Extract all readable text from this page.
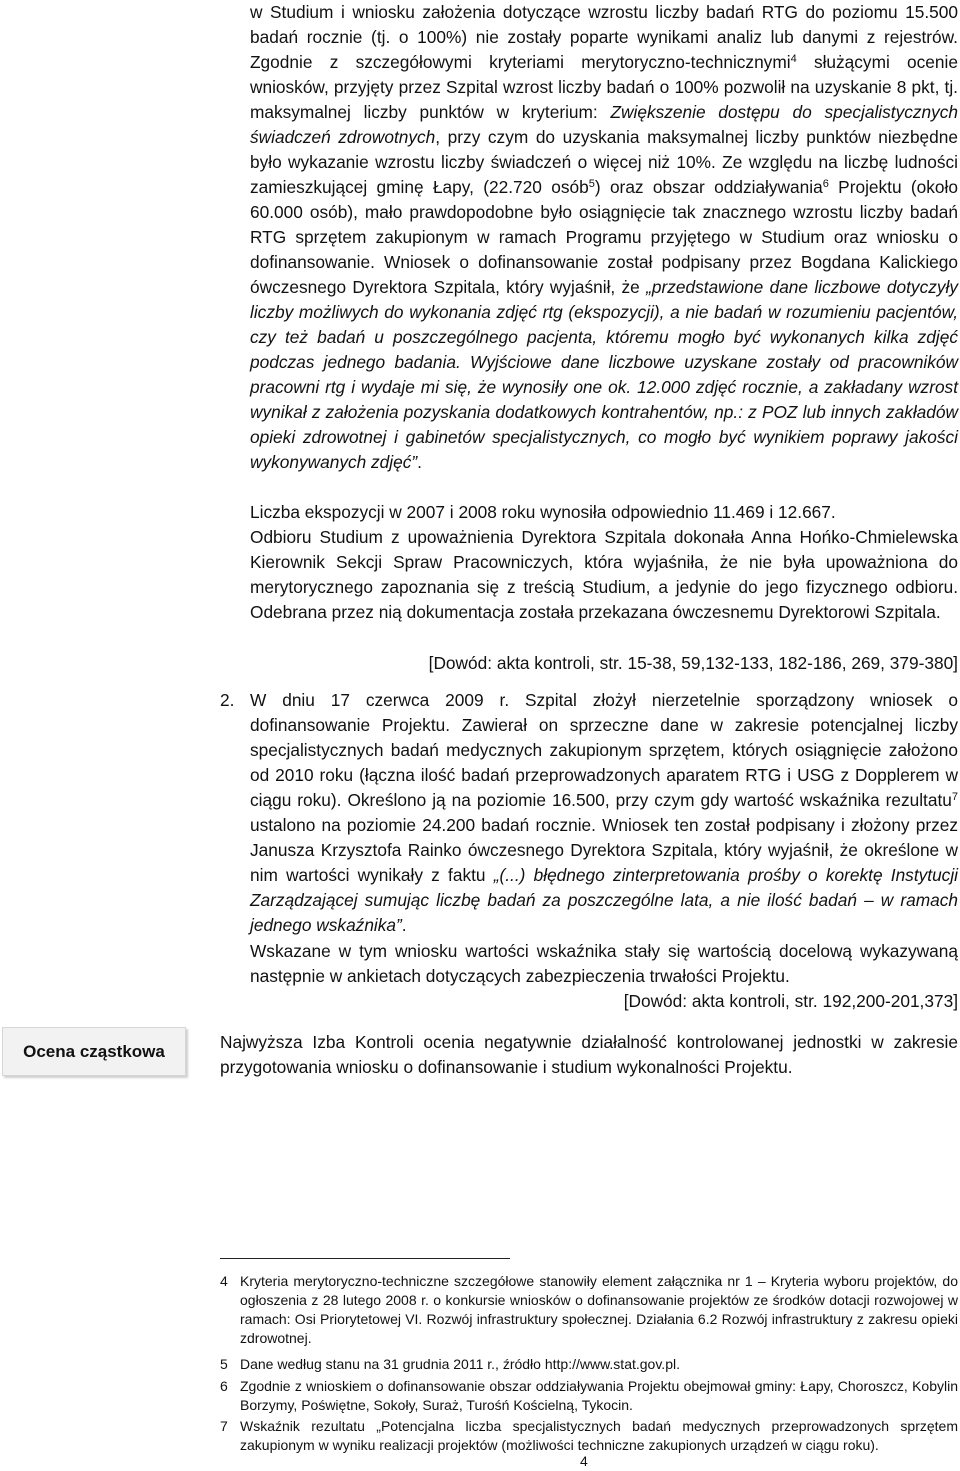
w Studium i wniosku założenia dotyczące wzrostu liczby badań RTG do poziomu 15.500 badań rocznie (tj. o 100%) nie zostały poparte wynikami analiz lub danymi z rejestrów. Zgodnie z szczegółowymi kryteriami merytoryczno-technicznymi$^4$ służącymi ocenie wniosków, przyjęty przez Szpital wzrost liczby badań o 100% pozwolił na uzyskanie 8 pkt, tj. maksymalnej liczby punktów w kryterium: Zwiększenie dostępu do specjalistycznych świadczeń zdrowotnych, przy czym do uzyskania maksymalnej liczby punktów niezbędne było wykazanie wzrostu liczby świadczeń o więcej niż 10%. Ze względu na liczbę ludności zamieszkującej gminę Łapy, (22.720 osób$^5$) oraz obszar oddziaływania$^6$ Projektu (około 60.000 osób), mało prawdopodobne było osiągnięcie tak znacznego wzrostu liczby badań RTG sprzętem zakupionym w ramach Programu przyjętego w Studium oraz wniosku o dofinansowanie. Wniosek o dofinansowanie został podpisany przez Bogdana Kalickiego ówczesnego Dyrektora Szpitala, który wyjaśnił, że „przedstawione dane liczbowe dotyczyły liczby możliwych do wykonania zdjęć rtg (ekspozycji), a nie badań w rozumieniu pacjentów, czy też badań u poszczególnego pacjenta, któremu mogło być wykonanych kilka zdjęć podczas jednego badania. Wyjściowe dane liczbowe uzyskane zostały od pracowników pracowni rtg i wydaje mi się, że wynosiły one ok. 12.000 zdjęć rocznie, a zakładany wzrost wynikał z założenia pozyskania dodatkowych kontrahentów, np.: z POZ lub innych zakładów opieki zdrowotnej i gabinetów specjalistycznych, co mogło być wynikiem poprawy jakości wykonywanych zdjęć”.

Liczba ekspozycji w 2007 i 2008 roku wynosiła odpowiednio 11.469 i 12.667.

Odbioru Studium z upoważnienia Dyrektora Szpitala dokonała Anna Hońko-Chmielewska Kierownik Sekcji Spraw Pracowniczych, która wyjaśniła, że nie była upoważniona do merytorycznego zapoznania się z treścią Studium, a jedynie do jego fizycznego odbioru. Odebrana przez nią dokumentacja została przekazana ówczesnemu Dyrektorowi Szpitala.

[Dowód: akta kontroli, str. 15-38, 59,132-133, 182-186, 269, 379-380]

2. W dniu 17 czerwca 2009 r. Szpital złożył nierzetelnie sporządzony wniosek o dofinansowanie Projektu. Zawierał on sprzeczne dane w zakresie potencjalnej liczby specjalistycznych badań medycznych zakupionym sprzętem, których osiągnięcie założono od 2010 roku (łączna ilość badań przeprowadzonych aparatem RTG i USG z Dopplerem w ciągu roku). Określono ją na poziomie 16.500, przy czym gdy wartość wskaźnika rezultatu$^7$ ustalono na poziomie 24.200 badań rocznie. Wniosek ten został podpisany i złożony przez Janusza Krzysztofa Rainko ówczesnego Dyrektora Szpitala, który wyjaśnił, że określone w nim wartości wynikały z faktu „(...) błędnego zinterpretowania prośby o korektę Instytucji Zarządzającej sumując liczbę badań za poszczególne lata, a nie ilość badań – w ramach jednego wskaźnika”.

Wskazane w tym wniosku wartości wskaźnika stały się wartością docelową wykazywaną następnie w ankietach dotyczących zabezpieczenia trwałości Projektu.

[Dowód: akta kontroli, str. 192,200-201,373]

Ocena cząstkowa	Najwyższa Izba Kontroli ocenia negatywnie działalność kontrolowanej jednostki w zakresie przygotowania wniosku o dofinansowanie i studium wykonalności Projektu.

4 Kryteria merytoryczno-techniczne szczegółowe stanowiły element załącznika nr 1 – Kryteria wyboru projektów, do ogłoszenia z 28 lutego 2008 r. o konkursie wniosków o dofinansowanie projektów ze środków dotacji rozwojowej w ramach: Osi Priorytetowej VI. Rozwój infrastruktury społecznej. Działania 6.2 Rozwój infrastruktury z zakresu opieki zdrowotnej.
5 Dane według stanu na 31 grudnia 2011 r., źródło http://www.stat.gov.pl.
6 Zgodnie z wnioskiem o dofinansowanie obszar oddziaływania Projektu obejmował gminy: Łapy, Choroszcz, Kobylin Borzymy, Poświętne, Sokoły, Suraż, Turośń Kościelną, Tykocin.
7 Wskaźnik rezultatu „Potencjalna liczba specjalistycznych badań medycznych przeprowadzonych sprzętem zakupionym w wyniku realizacji projektów (możliwości techniczne zakupionych urządzeń w ciągu roku).
4
